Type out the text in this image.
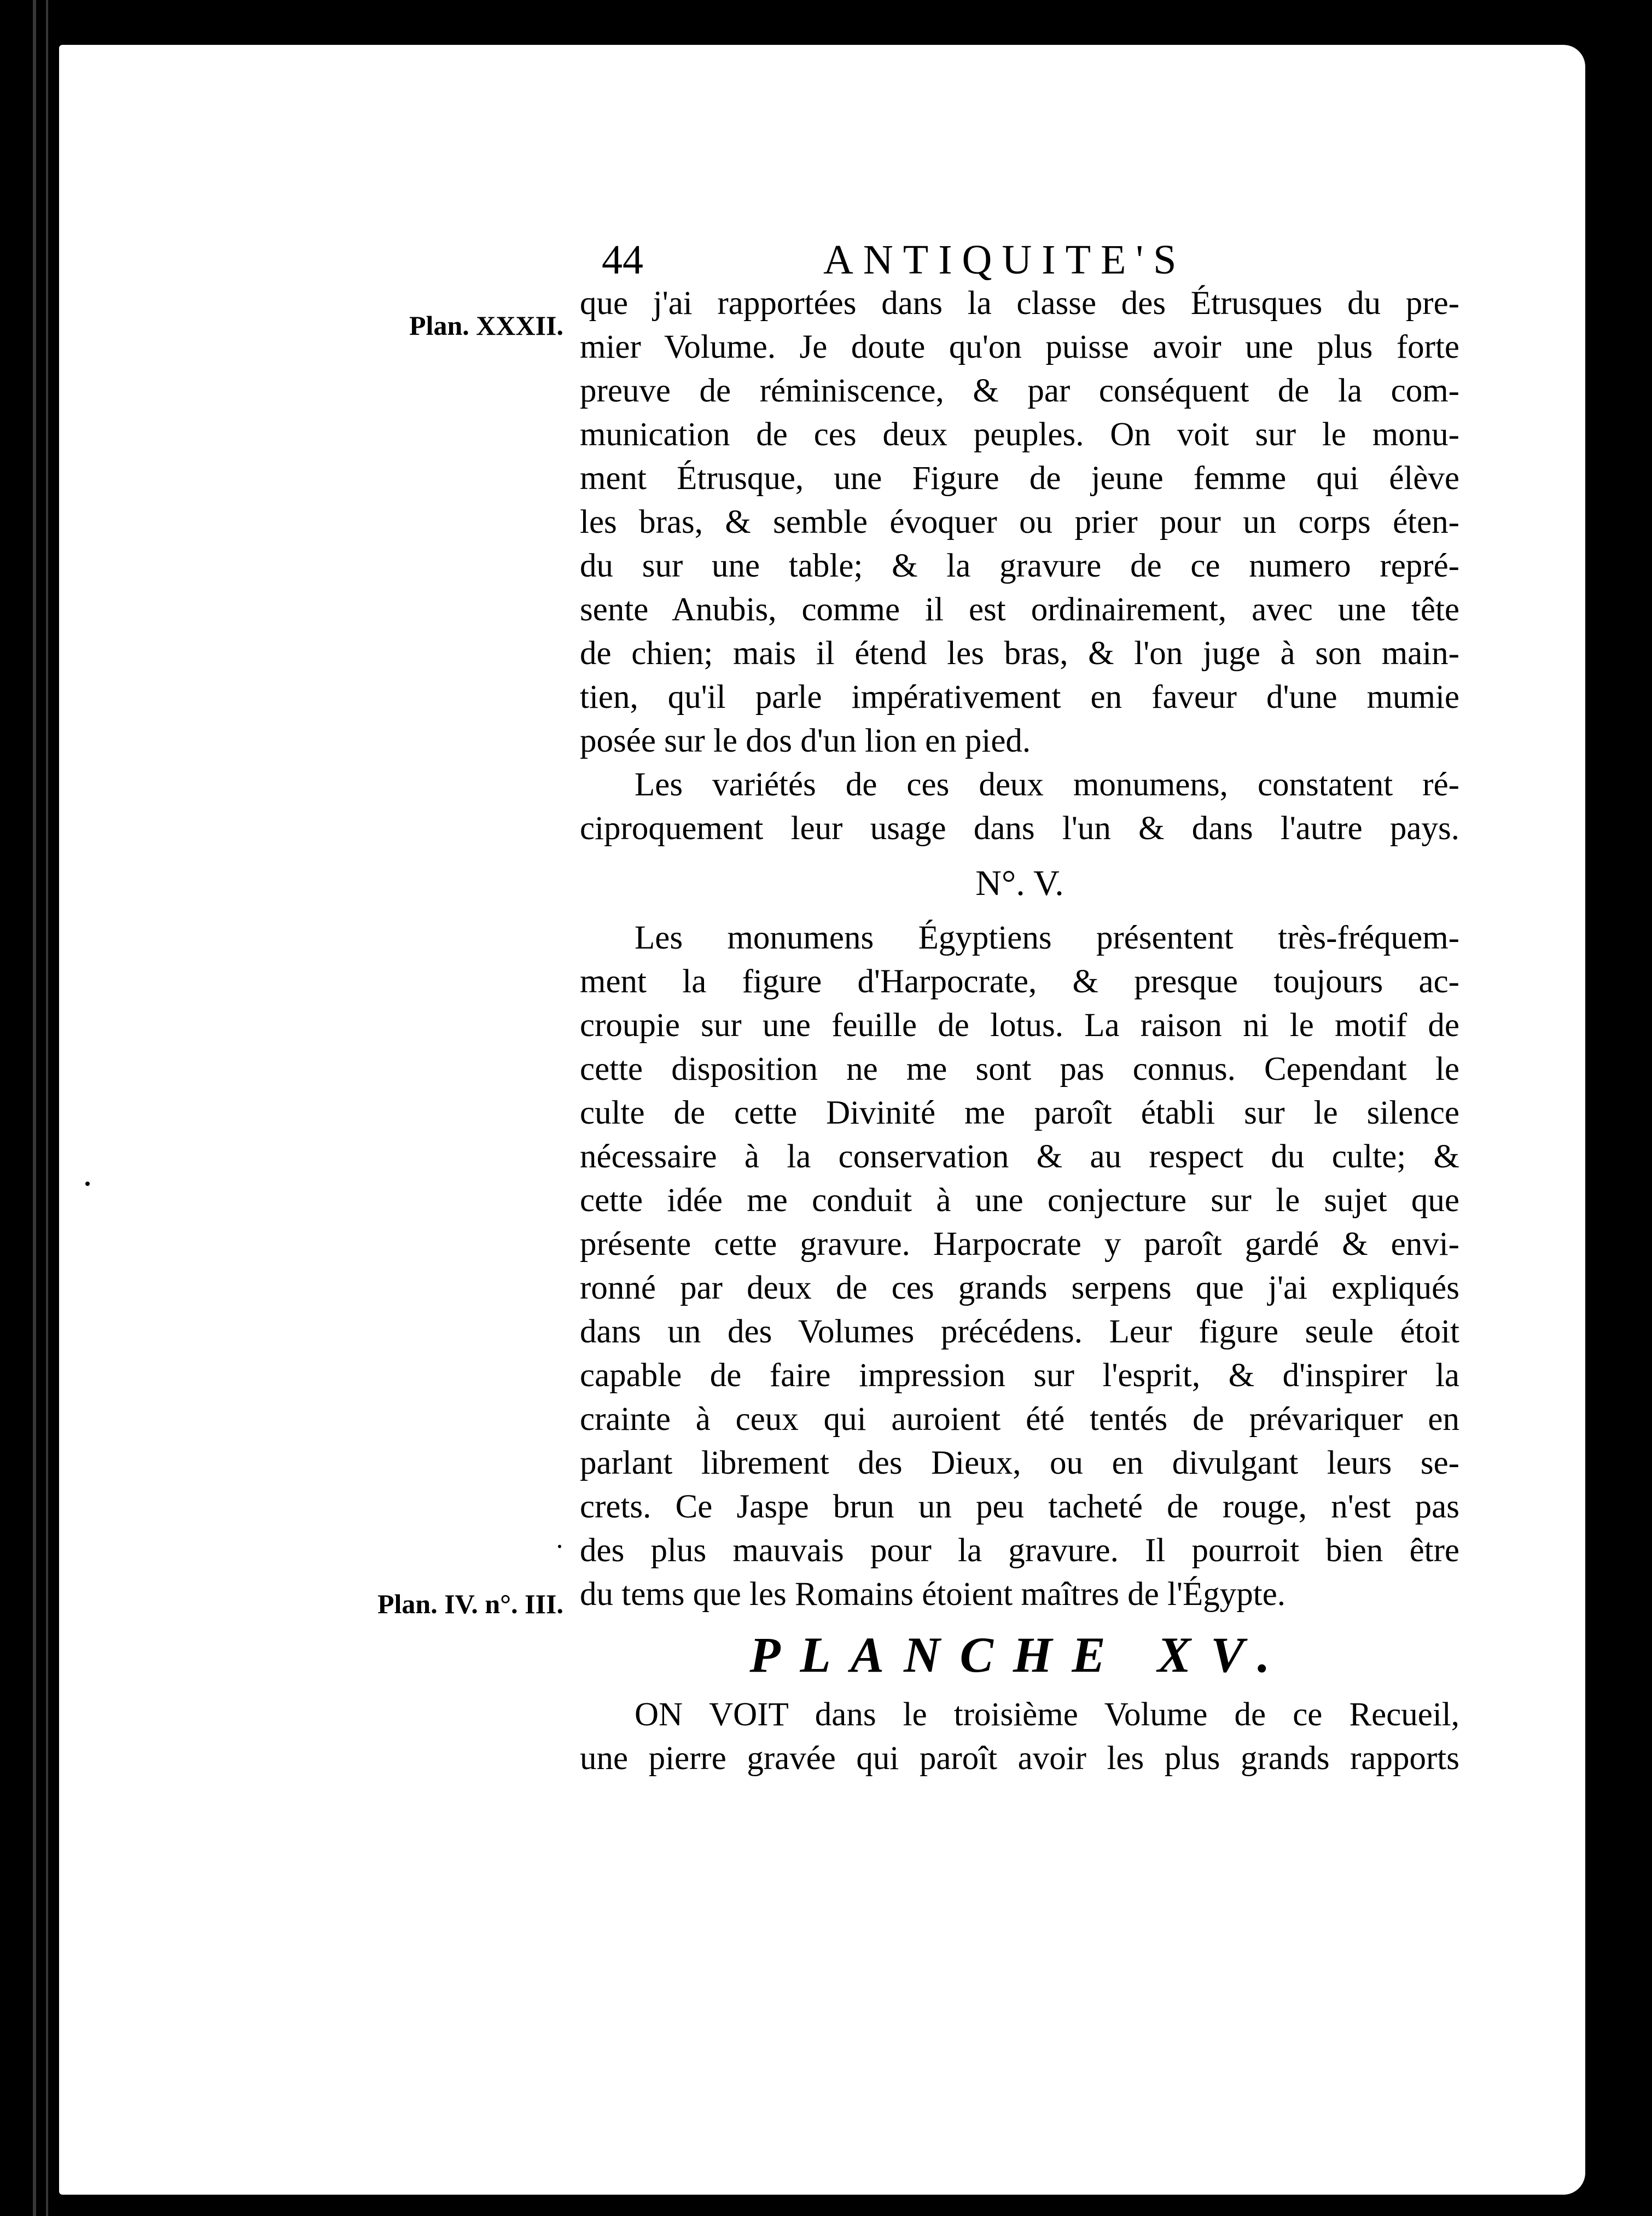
44	ANTIQUITE'S
Plan. XXXII.
Plan. IV. n°. III.
que j'ai rapportées dans la classe des Étrusques du pre-
mier Volume. Je doute qu'on puisse avoir une plus forte
preuve de réminiscence, & par conséquent de la com-
munication de ces deux peuples. On voit sur le monu-
ment Étrusque, une Figure de jeune femme qui élève
les bras, & semble évoquer ou prier pour un corps éten-
du sur une table; & la gravure de ce numero repré-
sente Anubis, comme il est ordinairement, avec une tête
de chien; mais il étend les bras, & l'on juge à son main-
tien, qu'il parle impérativement en faveur d'une mumie
posée sur le dos d'un lion en pied.
Les variétés de ces deux monumens, constatent ré-
ciproquement leur usage dans l'un & dans l'autre pays.
N°. V.
Les monumens Égyptiens présentent très-fréquem-
ment la figure d'Harpocrate, & presque toujours ac-
croupie sur une feuille de lotus. La raison ni le motif de
cette disposition ne me sont pas connus. Cependant le
culte de cette Divinité me paroît établi sur le silence
nécessaire à la conservation & au respect du culte; &
cette idée me conduit à une conjecture sur le sujet que
présente cette gravure. Harpocrate y paroît gardé & envi-
ronné par deux de ces grands serpens que j'ai expliqués
dans un des Volumes précédens. Leur figure seule étoit
capable de faire impression sur l'esprit, & d'inspirer la
crainte à ceux qui auroient été tentés de prévariquer en
parlant librement des Dieux, ou en divulgant leurs se-
crets. Ce Jaspe brun un peu tacheté de rouge, n'est pas
des plus mauvais pour la gravure. Il pourroit bien être
du tems que les Romains étoient maîtres de l'Égypte.
PLANCHE XV.
ON VOIT dans le troisième Volume de ce Recueil,
une pierre gravée qui paroît avoir les plus grands rapports
